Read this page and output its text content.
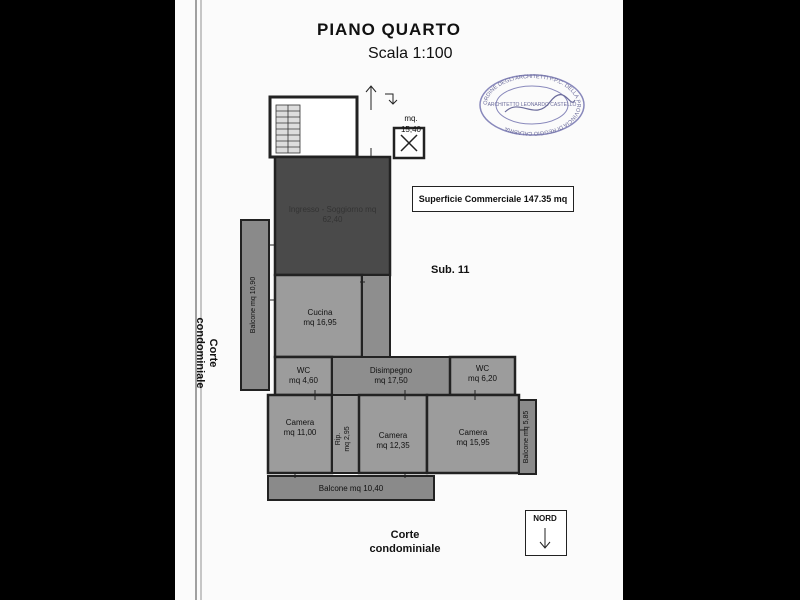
PIANO QUARTO
Scala 1:100
mq.
15,40
Superficie Commerciale 147.35 mq
Sub. 11
Ingresso - Soggiorno mq 62,40
Cucina
mq 16,95
WC
mq 4,60
Disimpegno
mq 17,50
WC
mq 6,20
Camera
mq 11,00	Camera
mq 12,35
Camera
mq 15,95
Rip. mq 2,95
Balcone mq 10,90
Balcone mq 10,40
Balcone mq 5,85
Corte
condominiale
Corte
condominiale
NORD
ORDINE DEGLI ARCHITETTI P.P.C. DELLA PROVINCIA DI REGGIO CALABRIA
ARCHITETTO LEONARDO CASTELLO
